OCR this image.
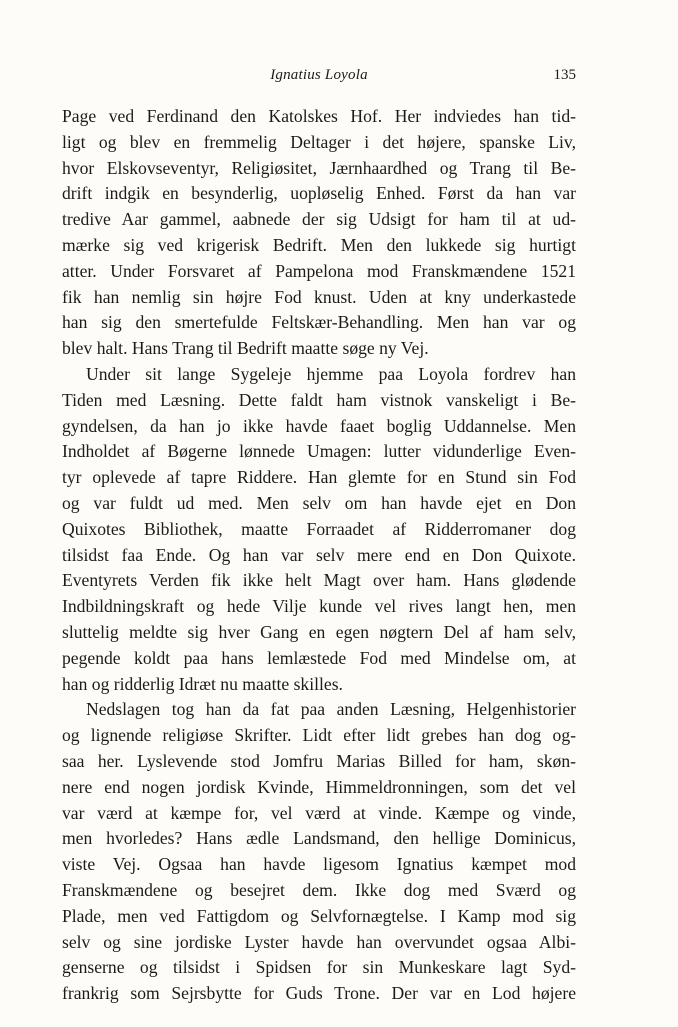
Ignatius Loyola	135
Page ved Ferdinand den Katolskes Hof. Her indviedes han tid-
ligt og blev en fremmelig Deltager i det højere, spanske Liv,
hvor Elskovseventyr, Religiøsitet, Jærnhaardhed og Trang til Be-
drift indgik en besynderlig, uopløselig Enhed. Først da han var
tredive Aar gammel, aabnede der sig Udsigt for ham til at ud-
mærke sig ved krigerisk Bedrift. Men den lukkede sig hurtigt
atter. Under Forsvaret af Pampelona mod Franskmændene 1521
fik han nemlig sin højre Fod knust. Uden at kny underkastede
han sig den smertefulde Feltskær-Behandling. Men han var og
blev halt. Hans Trang til Bedrift maatte søge ny Vej.
Under sit lange Sygeleje hjemme paa Loyola fordrev han
Tiden med Læsning. Dette faldt ham vistnok vanskeligt i Be-
gyndelsen, da han jo ikke havde faaet boglig Uddannelse. Men
Indholdet af Bøgerne lønnede Umagen: lutter vidunderlige Even-
tyr oplevede af tapre Riddere. Han glemte for en Stund sin Fod
og var fuldt ud med. Men selv om han havde ejet en Don
Quixotes Bibliothek, maatte Forraadet af Ridderromaner dog
tilsidst faa Ende. Og han var selv mere end en Don Quixote.
Eventyrets Verden fik ikke helt Magt over ham. Hans glødende
Indbildningskraft og hede Vilje kunde vel rives langt hen, men
sluttelig meldte sig hver Gang en egen nøgtern Del af ham selv,
pegende koldt paa hans lemlæstede Fod med Mindelse om, at
han og ridderlig Idræt nu maatte skilles.
Nedslagen tog han da fat paa anden Læsning, Helgenhistorier
og lignende religiøse Skrifter. Lidt efter lidt grebes han dog og-
saa her. Lyslevende stod Jomfru Marias Billed for ham, skøn-
nere end nogen jordisk Kvinde, Himmeldronningen, som det vel
var værd at kæmpe for, vel værd at vinde. Kæmpe og vinde,
men hvorledes? Hans ædle Landsmand, den hellige Dominicus,
viste Vej. Ogsaa han havde ligesom Ignatius kæmpet mod
Franskmændene og besejret dem. Ikke dog med Sværd og
Plade, men ved Fattigdom og Selvfornægtelse. I Kamp mod sig
selv og sine jordiske Lyster havde han overvundet ogsaa Albi-
genserne og tilsidst i Spidsen for sin Munkeskare lagt Syd-
frankrig som Sejrsbytte for Guds Trone. Der var en Lod højere
